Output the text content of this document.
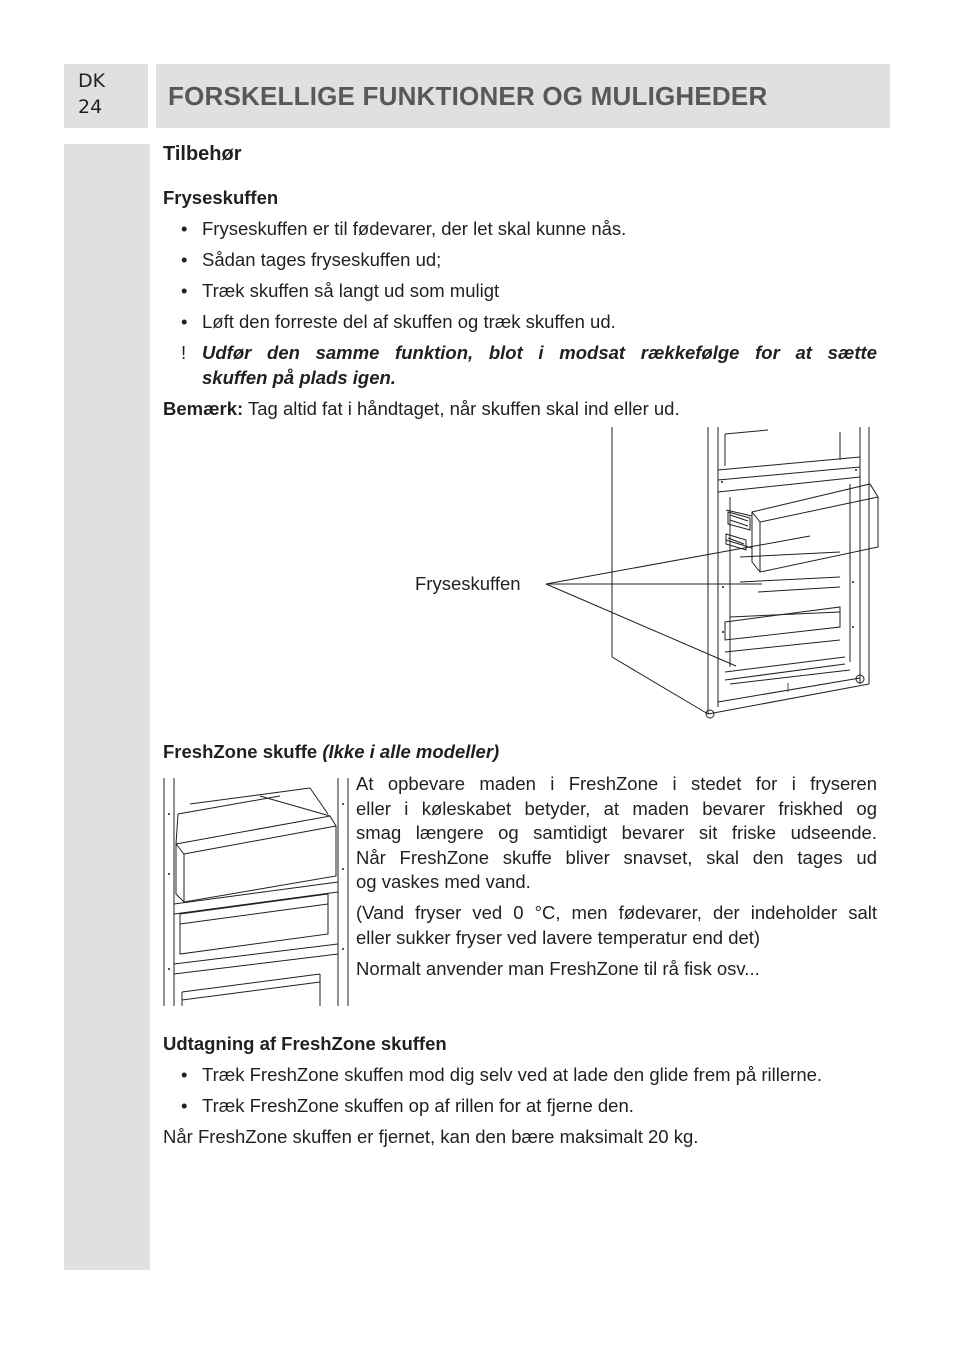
DK
24	FORSKELLIGE FUNKTIONER OG MULIGHEDER
Tilbehør
Fryseskuffen
• Fryseskuffen er til fødevarer, der let skal kunne nås.
• Sådan tages fryseskuffen ud;
• Træk skuffen så langt ud som muligt
• Løft den forreste del af skuffen og træk skuffen ud.
! Udfør den samme funktion, blot i modsat rækkefølge for at sætte
skuffen på plads igen.
Bemærk: Tag altid fat i håndtaget, når skuffen skal ind eller ud.
Fryseskuffen
FreshZone skuffe (Ikke i alle modeller)
At opbevare maden i FreshZone i stedet for i fryseren
eller i køleskabet betyder, at maden bevarer friskhed og
smag længere og samtidigt bevarer sit friske udseende.
Når FreshZone skuffe bliver snavset, skal den tages ud
og vaskes med vand.
(Vand fryser ved 0 °C, men fødevarer, der indeholder salt
eller sukker fryser ved lavere temperatur end det)
Normalt anvender man FreshZone til rå fisk osv...
Udtagning af FreshZone skuffen
• Træk FreshZone skuffen mod dig selv ved at lade den glide frem på rillerne.
• Træk FreshZone skuffen op af rillen for at fjerne den.
Når FreshZone skuffen er fjernet, kan den bære maksimalt 20 kg.
